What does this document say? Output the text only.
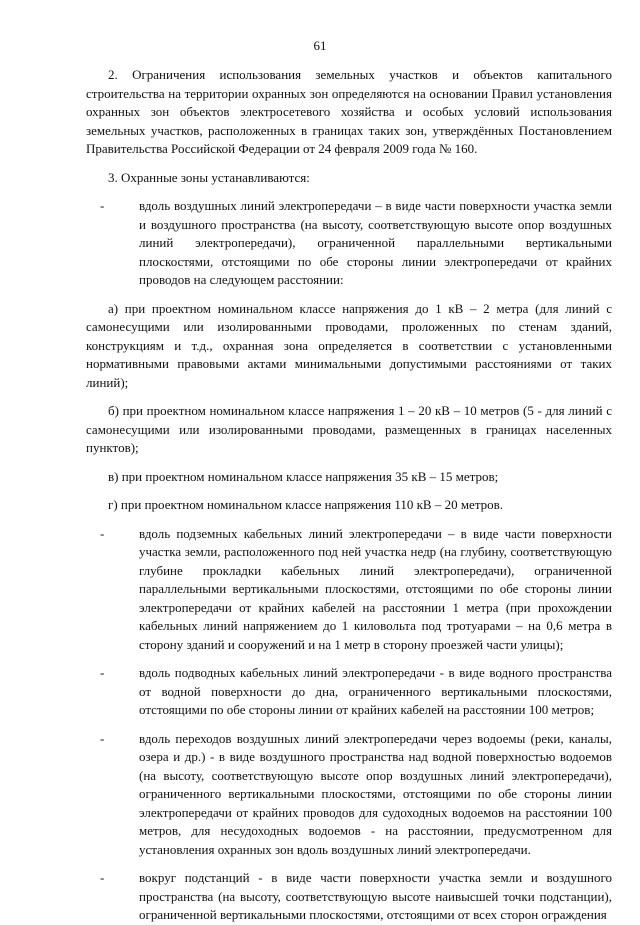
61

2. Ограничения использования земельных участков и объектов капитального строительства на территории охранных зон определяются на основании Правил установления охранных зон объектов электросетевого хозяйства и особых условий использования земельных участков, расположенных в границах таких зон, утверждённых Постановлением Правительства Российской Федерации от 24 февраля 2009 года № 160.

3. Охранные зоны устанавливаются:

-	вдоль воздушных линий электропередачи – в виде части поверхности участка земли и воздушного пространства (на высоту, соответствующую высоте опор воздушных линий электропередачи), ограниченной параллельными вертикальными плоскостями, отстоящими по обе стороны линии электропередачи от крайних проводов на следующем расстоянии:

а) при проектном номинальном классе напряжения до 1 кВ – 2 метра (для линий с самонесущими или изолированными проводами, проложенных по стенам зданий, конструкциям и т.д., охранная зона определяется в соответствии с установленными нормативными правовыми актами минимальными допустимыми расстояниями от таких линий);

б) при проектном номинальном классе напряжения 1 – 20 кВ – 10 метров (5 - для линий с самонесущими или изолированными проводами, размещенных в границах населенных пунктов);

в) при проектном номинальном классе напряжения 35 кВ – 15 метров;

г) при проектном номинальном классе напряжения 110 кВ – 20 метров.

-	вдоль подземных кабельных линий электропередачи – в виде части поверхности участка земли, расположенного под ней участка недр (на глубину, соответствующую глубине прокладки кабельных линий электропередачи), ограниченной параллельными вертикальными плоскостями, отстоящими по обе стороны линии электропередачи от крайних кабелей на расстоянии 1 метра (при прохождении кабельных линий напряжением до 1 киловольта под тротуарами – на 0,6 метра в сторону зданий и сооружений и на 1 метр в сторону проезжей части улицы);

-	вдоль подводных кабельных линий электропередачи - в виде водного пространства от водной поверхности до дна, ограниченного вертикальными плоскостями, отстоящими по обе стороны линии от крайних кабелей на расстоянии 100 метров;

-	вдоль переходов воздушных линий электропередачи через водоемы (реки, каналы, озера и др.) - в виде воздушного пространства над водной поверхностью водоемов (на высоту, соответствующую высоте опор воздушных линий электропередачи), ограниченного вертикальными плоскостями, отстоящими по обе стороны линии электропередачи от крайних проводов для судоходных водоемов на расстоянии 100 метров, для несудоходных водоемов - на расстоянии, предусмотренном для установления охранных зон вдоль воздушных линий электропередачи.

-	вокруг подстанций - в виде части поверхности участка земли и воздушного пространства (на высоту, соответствующую высоте наивысшей точки подстанции), ограниченной вертикальными плоскостями, отстоящими от всех сторон ограждения
